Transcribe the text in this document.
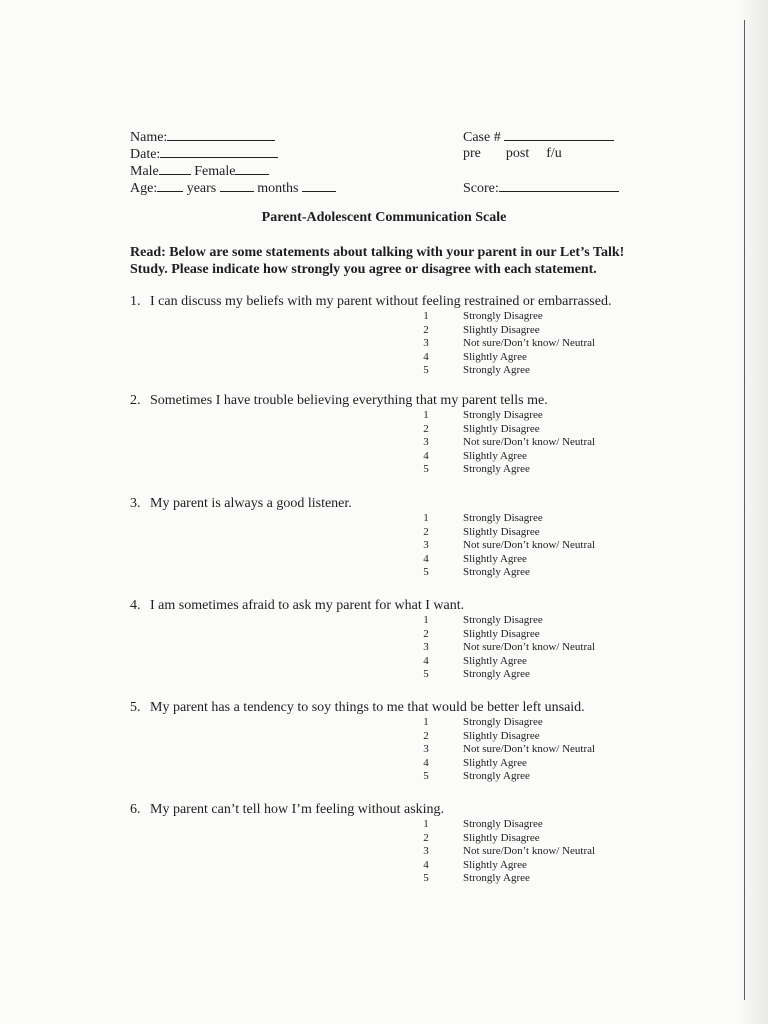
Name:
Date:
Male	Female
Age: years	months
Case #
pre post f/u
Score:
Parent-Adolescent Communication Scale
Read: Below are some statements about talking with your parent in our Let’s Talk! Study. Please indicate how strongly you agree or disagree with each statement.
1. I can discuss my beliefs with my parent without feeling restrained or embarrassed.
1	Strongly Disagree
2	Slightly Disagree
3	Not sure/Don’t know/ Neutral
4	Slightly Agree
5	Strongly Agree
2. Sometimes I have trouble believing everything that my parent tells me.
1	Strongly Disagree
2	Slightly Disagree
3	Not sure/Don’t know/ Neutral
4	Slightly Agree
5	Strongly Agree
3. My parent is always a good listener.
1	Strongly Disagree
2	Slightly Disagree
3	Not sure/Don’t know/ Neutral
4	Slightly Agree
5	Strongly Agree
4. I am sometimes afraid to ask my parent for what I want.
1	Strongly Disagree
2	Slightly Disagree
3	Not sure/Don’t know/ Neutral
4	Slightly Agree
5	Strongly Agree
5. My parent has a tendency to soy things to me that would be better left unsaid.
1	Strongly Disagree
2	Slightly Disagree
3	Not sure/Don’t know/ Neutral
4	Slightly Agree
5	Strongly Agree
6. My parent can’t tell how I’m feeling without asking.
1	Strongly Disagree
2	Slightly Disagree
3	Not sure/Don’t know/ Neutral
4	Slightly Agree
5	Strongly Agree
